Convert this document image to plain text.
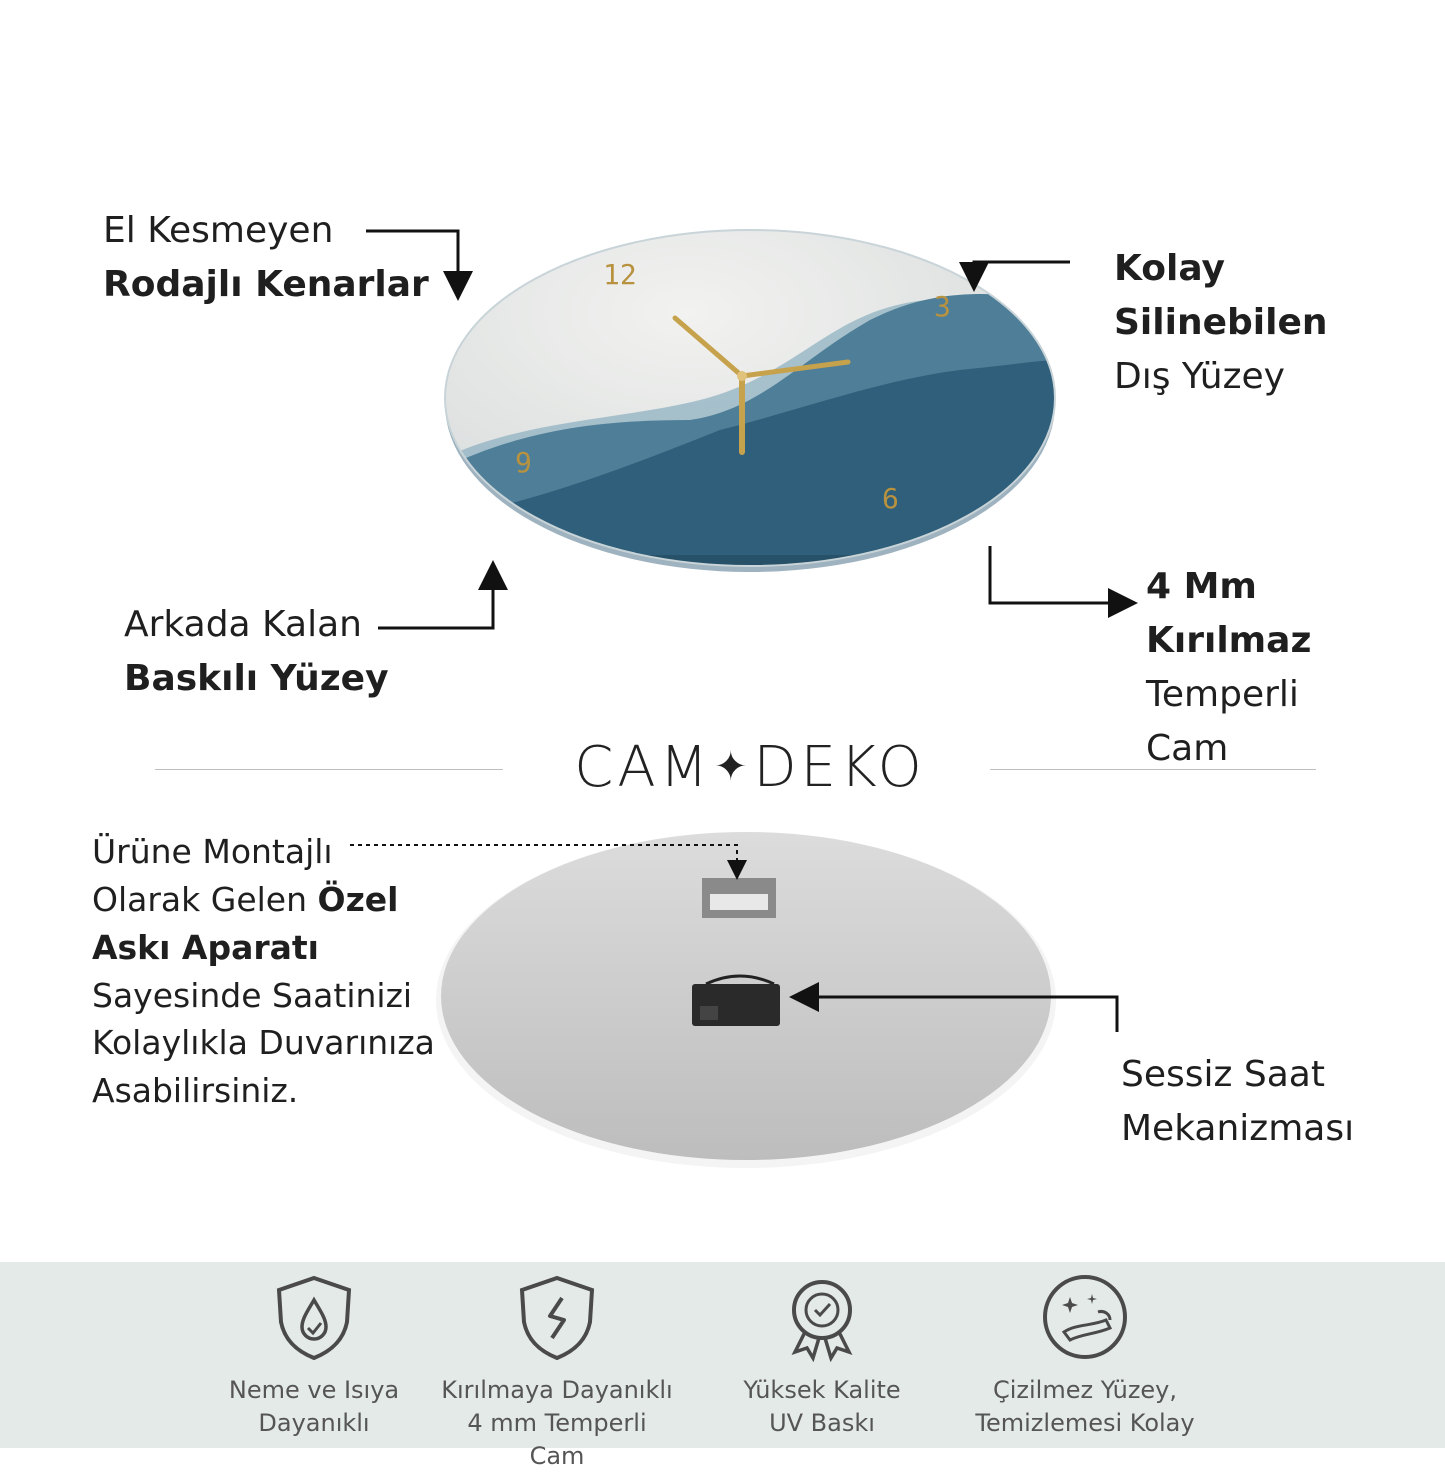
12
3
6
9
El Kesmeyen
Rodajlı Kenarlar	Kolay
Silinebilen
Dış Yüzey
Arkada Kalan
Baskılı Yüzey
4 Mm
Kırılmaz
Temperli
Cam
CAM✦DEKO
Ürüne Montajlı
Olarak Gelen Özel
Askı Aparatı
Sayesinde Saatinizi
Kolaylıkla Duvarınıza
Asabilirsiniz.	Sessiz Saat
Mekanizması
Neme ve Isıya
Dayanıklı
Kırılmaya Dayanıklı
4 mm Temperli Cam
Yüksek Kalite
UV Baskı
Çizilmez Yüzey,
Temizlemesi Kolay
